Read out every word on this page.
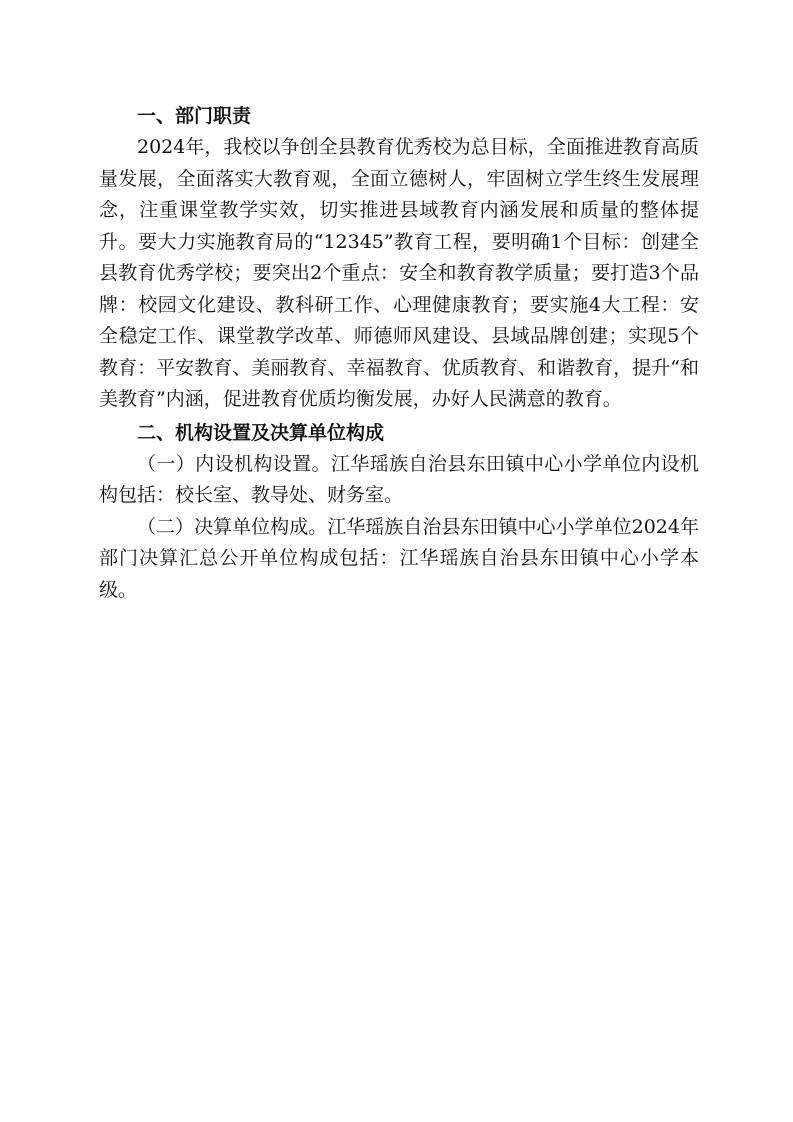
一、部门职责

2024年，我校以争创全县教育优秀校为总目标，全面推进教育高质量发展，全面落实大教育观，全面立德树人，牢固树立学生终生发展理念，注重课堂教学实效，切实推进县域教育内涵发展和质量的整体提升。要大力实施教育局的“12345”教育工程，要明确1个目标：创建全县教育优秀学校；要突出2个重点：安全和教育教学质量；要打造3个品牌：校园文化建设、教科研工作、心理健康教育；要实施4大工程：安全稳定工作、课堂教学改革、师德师风建设、县域品牌创建；实现5个教育：平安教育、美丽教育、幸福教育、优质教育、和谐教育，提升“和美教育”内涵，促进教育优质均衡发展，办好人民满意的教育。

二、机构设置及决算单位构成

（一）内设机构设置。江华瑶族自治县东田镇中心小学单位内设机构包括：校长室、教导处、财务室。

（二）决算单位构成。江华瑶族自治县东田镇中心小学单位2024年部门决算汇总公开单位构成包括：江华瑶族自治县东田镇中心小学本级。
